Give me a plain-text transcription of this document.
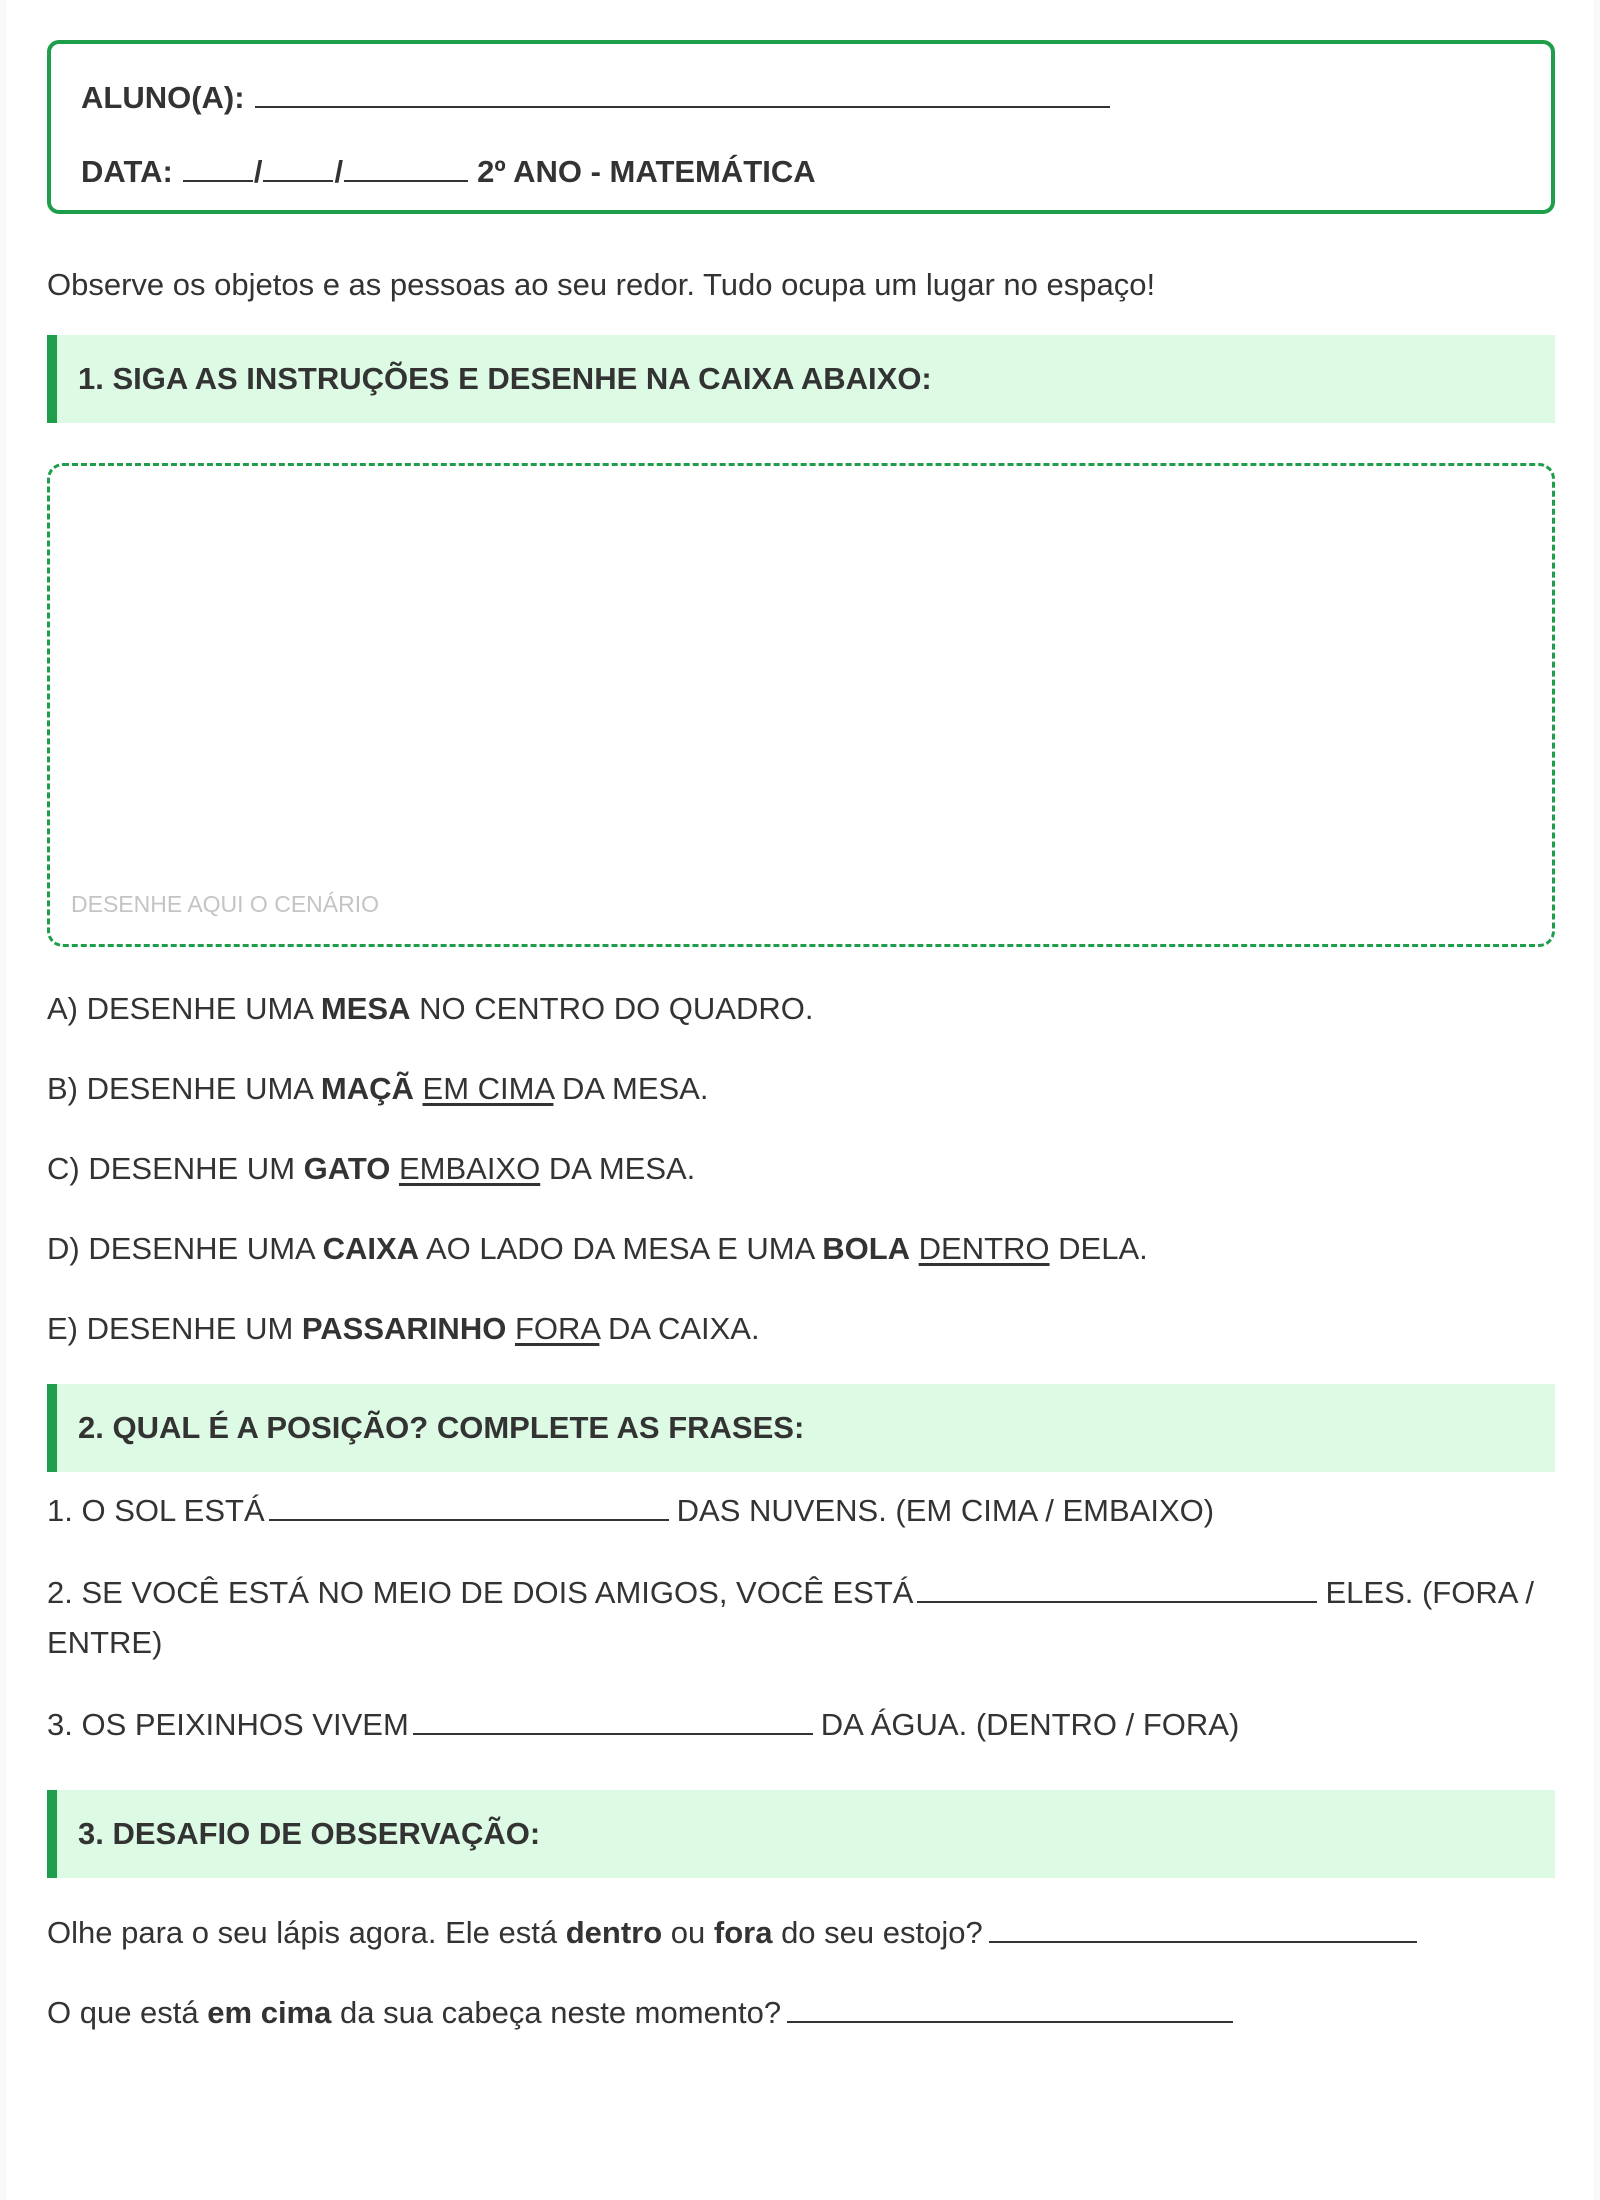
ALUNO(A):
DATA:	/ /	2º ANO - MATEMÁTICA
Observe os objetos e as pessoas ao seu redor. Tudo ocupa um lugar no espaço!
1. SIGA AS INSTRUÇÕES E DESENHE NA CAIXA ABAIXO:
DESENHE AQUI O CENÁRIO
A) DESENHE UMA MESA NO CENTRO DO QUADRO.
B) DESENHE UMA MAÇÃ EM CIMA DA MESA.
C) DESENHE UM GATO EMBAIXO DA MESA.
D) DESENHE UMA CAIXA AO LADO DA MESA E UMA BOLA DENTRO DELA.
E) DESENHE UM PASSARINHO FORA DA CAIXA.
2. QUAL É A POSIÇÃO? COMPLETE AS FRASES:
1. O SOL ESTÁ	DAS NUVENS. (EM CIMA / EMBAIXO)
2. SE VOCÊ ESTÁ NO MEIO DE DOIS AMIGOS, VOCÊ ESTÁ	ELES. (FORA / ENTRE)
3. OS PEIXINHOS VIVEM	DA ÁGUA. (DENTRO / FORA)
3. DESAFIO DE OBSERVAÇÃO:
Olhe para o seu lápis agora. Ele está dentro ou fora do seu estojo?
O que está em cima da sua cabeça neste momento?
